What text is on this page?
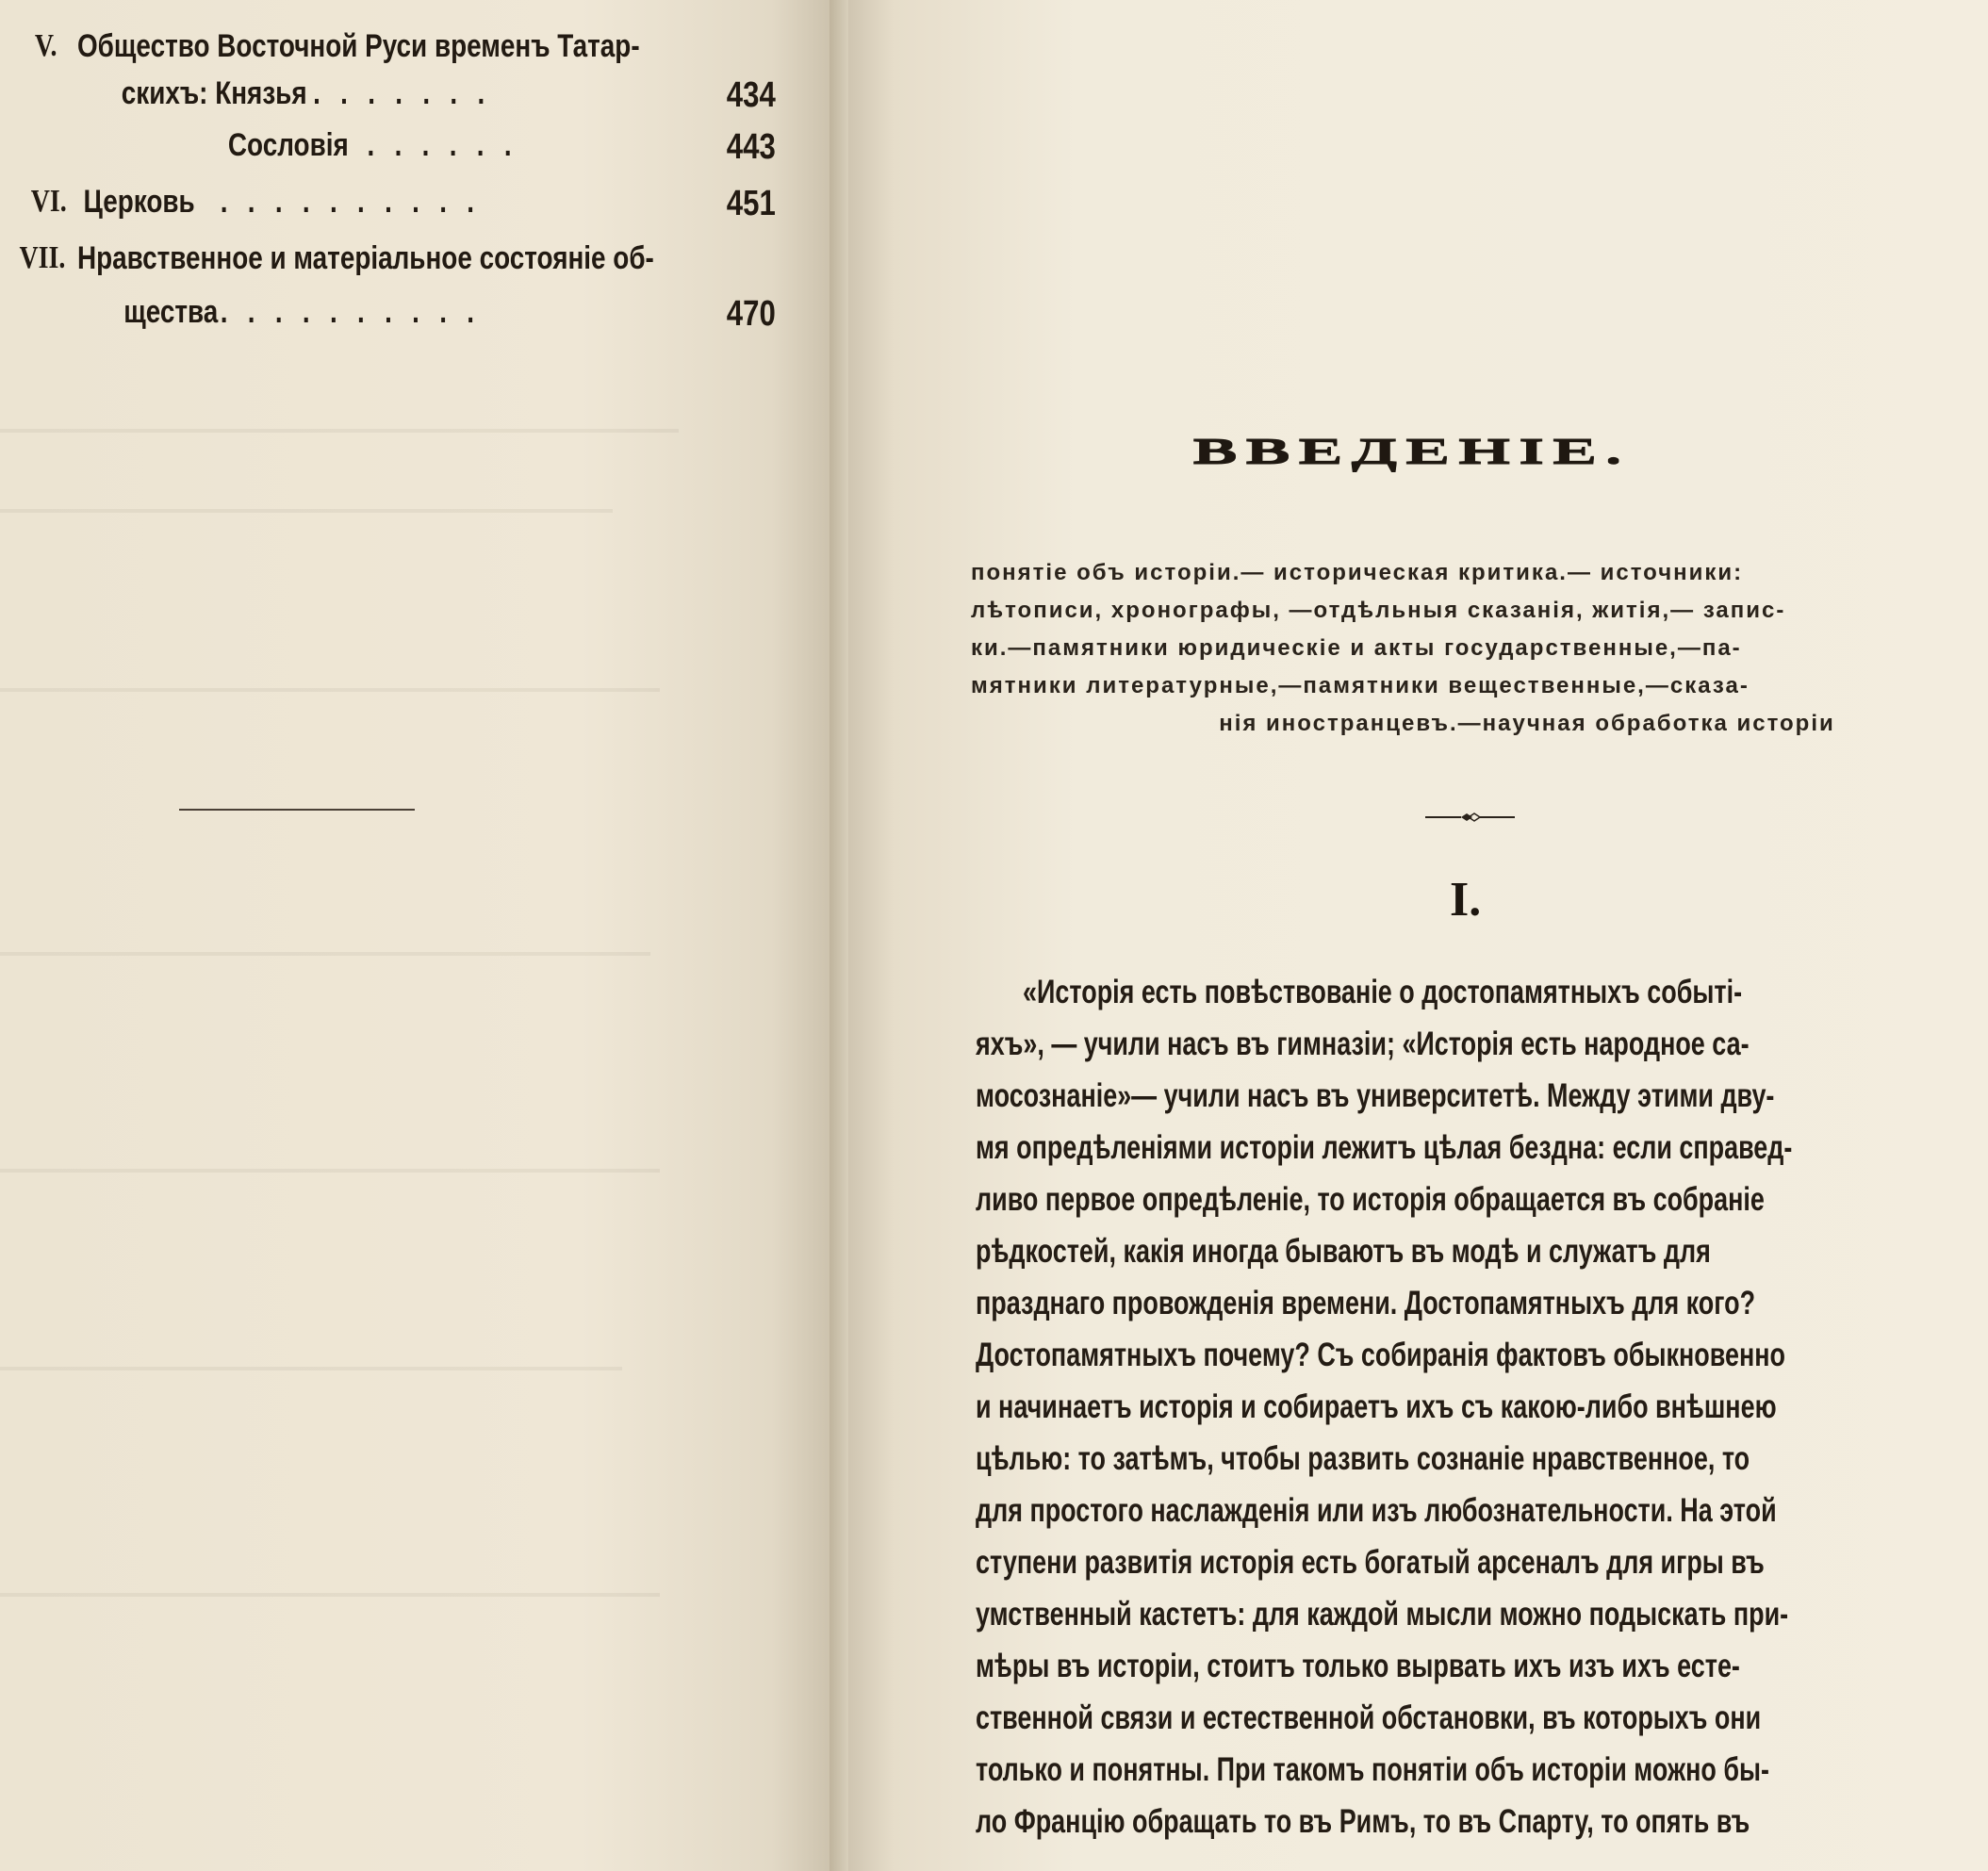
V. Общество Восточной Руси временъ Татар-
скихъ: Князья .......	434
Сословія ......	443
VI. Церковь ..........	451
VII. Нравственное и матеріальное состояніе об-
щества ..........	470
ВВЕДЕНІЕ.
понятіе объ исторіи.— историческая критика.— источники:
лѣтописи, хронографы, —отдѣльныя сказанія, житія,— запис-
ки.—памятники юридическіе и акты государственные,—па-
мятники литературные,—памятники вещественные,—сказа-
нія иностранцевъ.—научная обработка исторіи
I.
«Исторія есть повѣствованіе о достопамятныхъ событі-
яхъ», — учили насъ въ гимназіи; «Исторія есть народное са-
мосознаніе»— учили насъ въ университетѣ. Между этими дву-
мя опредѣленіями исторіи лежитъ цѣлая бездна: если справед-
ливо первое опредѣленіе, то исторія обращается въ собраніе
рѣдкостей, какія иногда бываютъ въ модѣ и служатъ для
празднаго провожденія времени. Достопамятныхъ для кого?
Достопамятныхъ почему? Съ собиранія фактовъ обыкновенно
и начинаетъ исторія и собираетъ ихъ съ какою-либо внѣшнею
цѣлью: то затѣмъ, чтобы развить сознаніе нравственное, то
для простого наслажденія или изъ любознательности. На этой
ступени развитія исторія есть богатый арсеналъ для игры въ
умственный кастетъ: для каждой мысли можно подыскать при-
мѣры въ исторіи, стоитъ только вырвать ихъ изъ ихъ есте-
ственной связи и естественной обстановки, въ которыхъ они
только и понятны. При такомъ понятіи объ исторіи можно бы-
ло Францію обращать то въ Римъ, то въ Спарту, то опять въ
